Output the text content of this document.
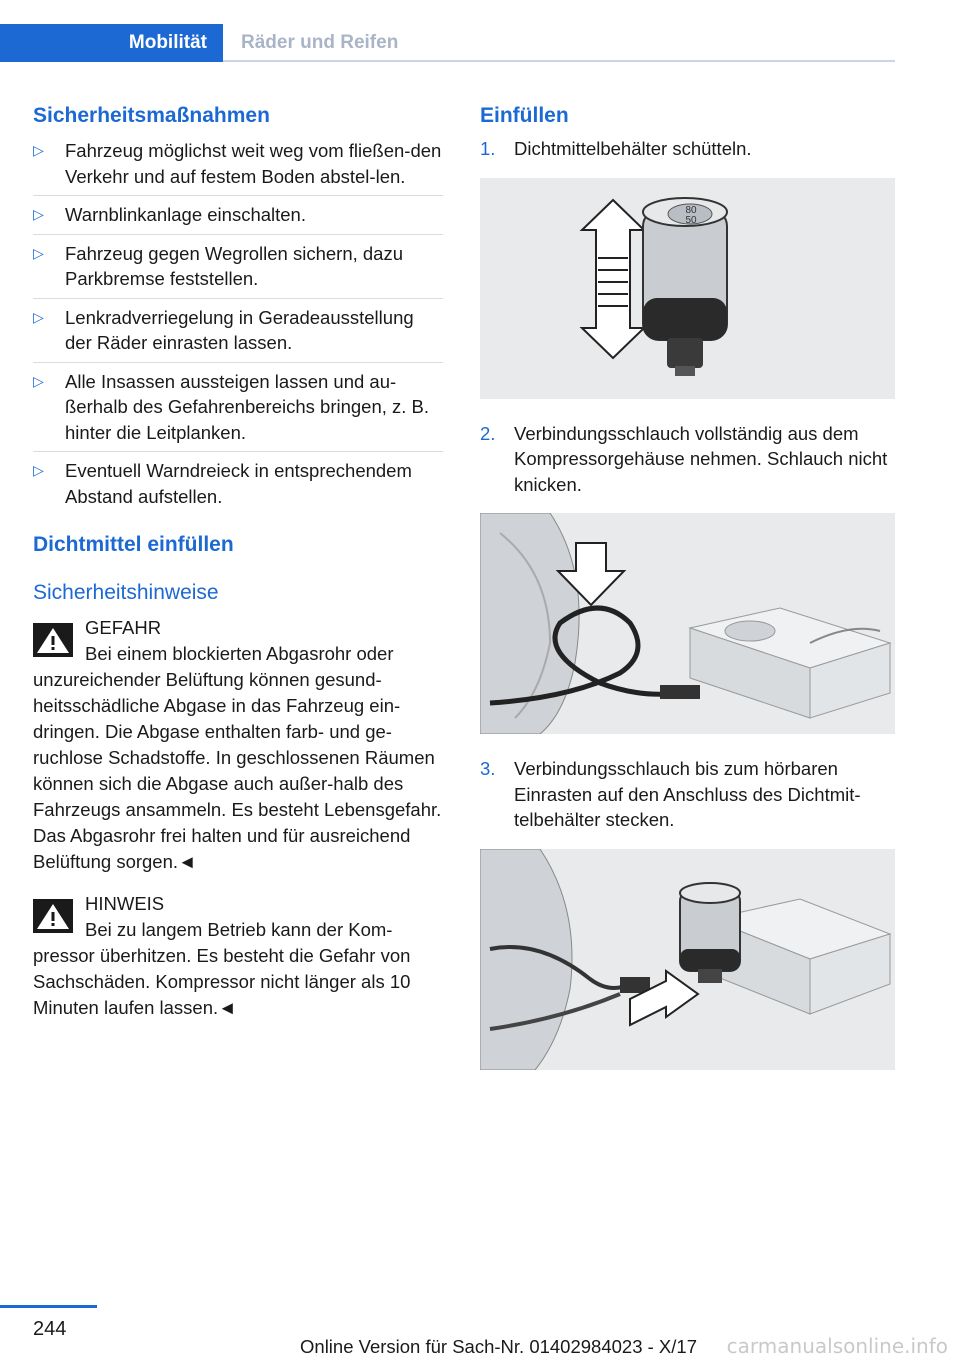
Mobilität	Räder und Reifen
Sicherheitsmaßnahmen
▷ Fahrzeug möglichst weit weg vom fließen-den Verkehr und auf festem Boden abstel-len.
▷ Warnblinkanlage einschalten.
▷ Fahrzeug gegen Wegrollen sichern, dazu Parkbremse feststellen.
▷ Lenkradverriegelung in Geradeausstellung der Räder einrasten lassen.
▷ Alle Insassen aussteigen lassen und au-ßerhalb des Gefahrenbereichs bringen, z. B. hinter die Leitplanken.
▷ Eventuell Warndreieck in entsprechendem Abstand aufstellen.
Dichtmittel einfüllen
Sicherheitshinweise
GEFAHR
Bei einem blockierten Abgasrohr oder
unzureichender Belüftung können gesund-heitsschädliche Abgase in das Fahrzeug ein-dringen. Die Abgase enthalten farb- und ge-ruchlose Schadstoffe. In geschlossenen Räumen können sich die Abgase auch außer-halb des Fahrzeugs ansammeln. Es besteht Lebensgefahr. Das Abgasrohr frei halten und für ausreichend Belüftung sorgen.◄
HINWEIS
Bei zu langem Betrieb kann der Kom-
pressor überhitzen. Es besteht die Gefahr von Sachschäden. Kompressor nicht länger als 10 Minuten laufen lassen.◄
Einfüllen
1. Dichtmittelbehälter schütteln.
80
50
2. Verbindungsschlauch vollständig aus dem Kompressorgehäuse nehmen. Schlauch nicht knicken.
3. Verbindungsschlauch bis zum hörbaren Einrasten auf den Anschluss des Dichtmit-telbehälter stecken.
244
Online Version für Sach-Nr. 01402984023 - X/17 carmanualsonline.info
